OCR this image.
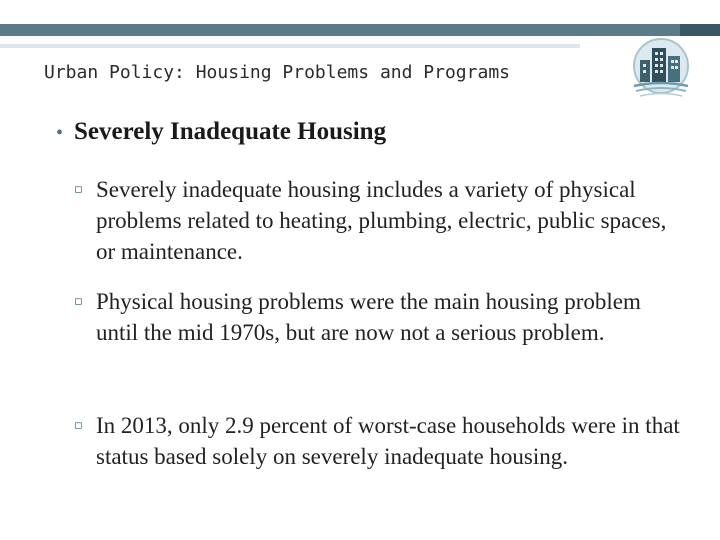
Urban Policy: Housing Problems and Programs
• Severely Inadequate Housing
▫ Severely inadequate housing includes a variety of physical problems related to heating, plumbing, electric, public spaces, or maintenance.
▫ Physical housing problems were the main housing problem until the mid 1970s, but are now not a serious problem.
▫ In 2013, only 2.9 percent of worst-case households were in that status based solely on severely inadequate housing.
